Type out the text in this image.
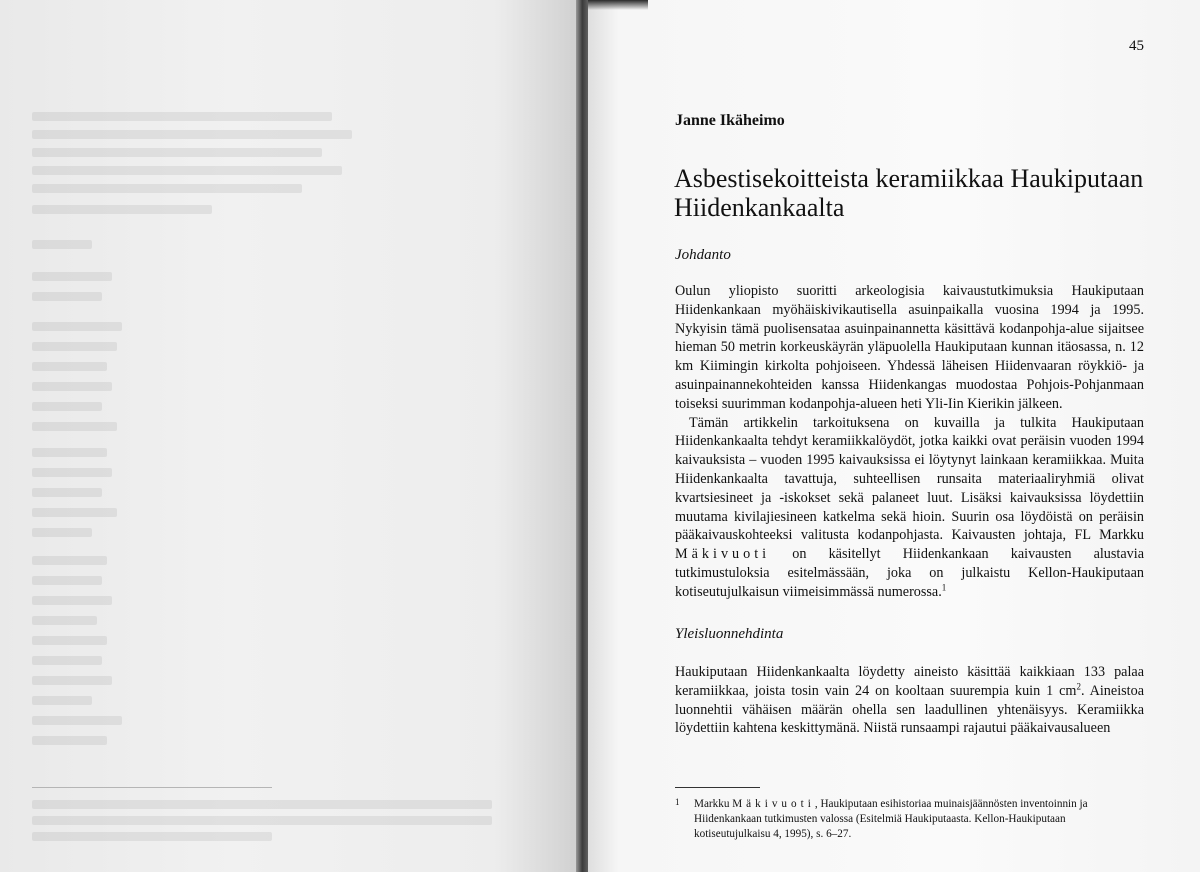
45
Janne Ikäheimo
Asbestisekoitteista keramiikkaa Haukiputaan Hiidenkankaalta
Johdanto

Oulun yliopisto suoritti arkeologisia kaivaustutkimuksia Haukiputaan Hiidenkankaan myöhäiskivikautisella asuinpaikalla vuosina 1994 ja 1995. Nykyisin tämä puolisensataa asuinpainannetta käsittävä kodanpohja-alue sijaitsee hieman 50 metrin korkeuskäyrän yläpuolella Haukiputaan kunnan itäosassa, n. 12 km Kiimingin kirkolta pohjoiseen. Yhdessä läheisen Hiidenvaaran röykkiö- ja asuinpainannekohteiden kanssa Hiidenkangas muodostaa Pohjois-Pohjanmaan toiseksi suurimman kodanpohja-alueen heti Yli-Iin Kierikin jälkeen.

Tämän artikkelin tarkoituksena on kuvailla ja tulkita Haukiputaan Hiidenkankaalta tehdyt keramiikkalöydöt, jotka kaikki ovat peräisin vuoden 1994 kaivauksista – vuoden 1995 kaivauksissa ei löytynyt lainkaan keramiikkaa. Muita Hiidenkankaalta tavattuja, suhteellisen runsaita materiaaliryhmiä olivat kvartsiesineet ja -iskokset sekä palaneet luut. Lisäksi kaivauksissa löydettiin muutama kivilajiesineen katkelma sekä hioin. Suurin osa löydöistä on peräisin pääkaivauskohteeksi valitusta kodanpohjasta. Kaivausten johtaja, FL Markku Mäkivuoti on käsitellyt Hiidenkankaan kaivausten alustavia tutkimustuloksia esitelmässään, joka on julkaistu Kellon-Haukiputaan kotiseutujulkaisun viimeisimmässä numerossa.$^1$

Yleisluonnehdinta

Haukiputaan Hiidenkankaalta löydetty aineisto käsittää kaikkiaan 133 palaa keramiikkaa, joista tosin vain 24 on kooltaan suurempia kuin 1 $cm^2$. Aineistoa luonnehtii vähäisen määrän ohella sen laadullinen yhtenäisyys. Keramiikka löydettiin kahtena keskittymänä. Niistä runsaampi rajautui pääkaivausalueen

1 Markku Mäkivuoti, Haukiputaan esihistoriaa muinaisjäännösten inventoinnin ja Hiidenkankaan tutkimusten valossa (Esitelmiä Haukiputaasta. Kellon-Haukiputaan kotiseutujulkaisu 4, 1995), s. 6–27.
